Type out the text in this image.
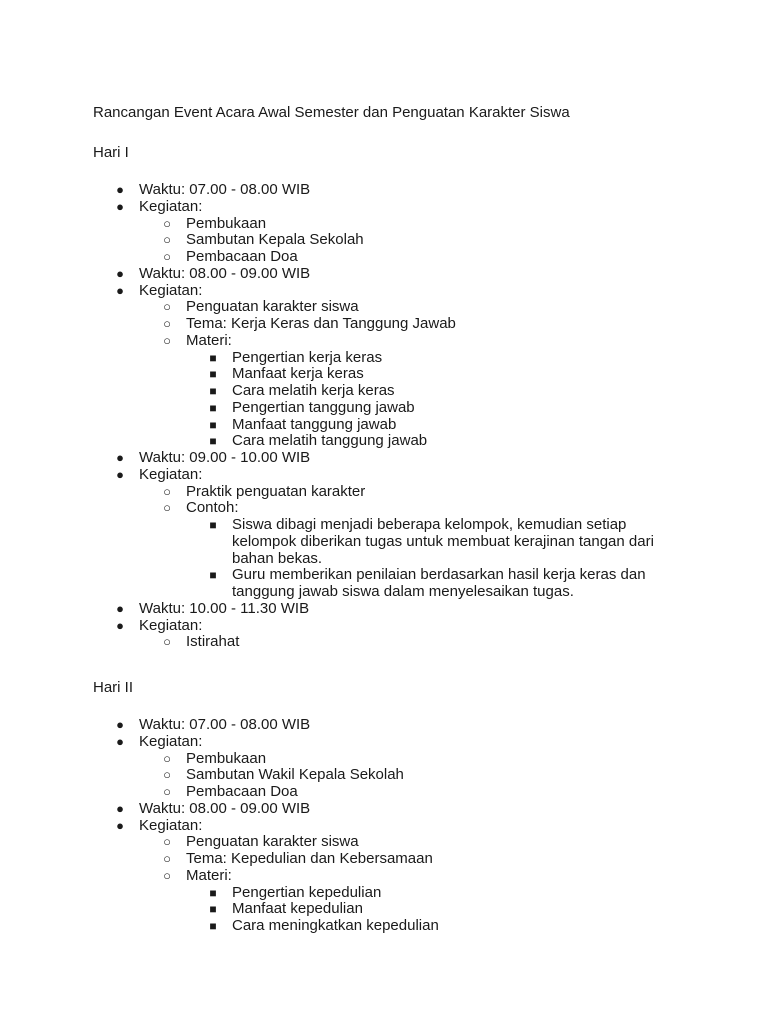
Rancangan Event Acara Awal Semester dan Penguatan Karakter Siswa
Hari I
● Waktu: 07.00 - 08.00 WIB
● Kegiatan:
○ Pembukaan
○ Sambutan Kepala Sekolah
○ Pembacaan Doa
● Waktu: 08.00 - 09.00 WIB
● Kegiatan:
○ Penguatan karakter siswa
○ Tema: Kerja Keras dan Tanggung Jawab
○ Materi:
■ Pengertian kerja keras
■ Manfaat kerja keras
■ Cara melatih kerja keras
■ Pengertian tanggung jawab
■ Manfaat tanggung jawab
■ Cara melatih tanggung jawab
● Waktu: 09.00 - 10.00 WIB
● Kegiatan:
○ Praktik penguatan karakter
○ Contoh:
■ Siswa dibagi menjadi beberapa kelompok, kemudian setiap
kelompok diberikan tugas untuk membuat kerajinan tangan dari
bahan bekas.
■ Guru memberikan penilaian berdasarkan hasil kerja keras dan
tanggung jawab siswa dalam menyelesaikan tugas.
● Waktu: 10.00 - 11.30 WIB
● Kegiatan:
○ Istirahat
Hari II
● Waktu: 07.00 - 08.00 WIB
● Kegiatan:
○ Pembukaan
○ Sambutan Wakil Kepala Sekolah
○ Pembacaan Doa
● Waktu: 08.00 - 09.00 WIB
● Kegiatan:
○ Penguatan karakter siswa
○ Tema: Kepedulian dan Kebersamaan
○ Materi:
■ Pengertian kepedulian
■ Manfaat kepedulian
■ Cara meningkatkan kepedulian
